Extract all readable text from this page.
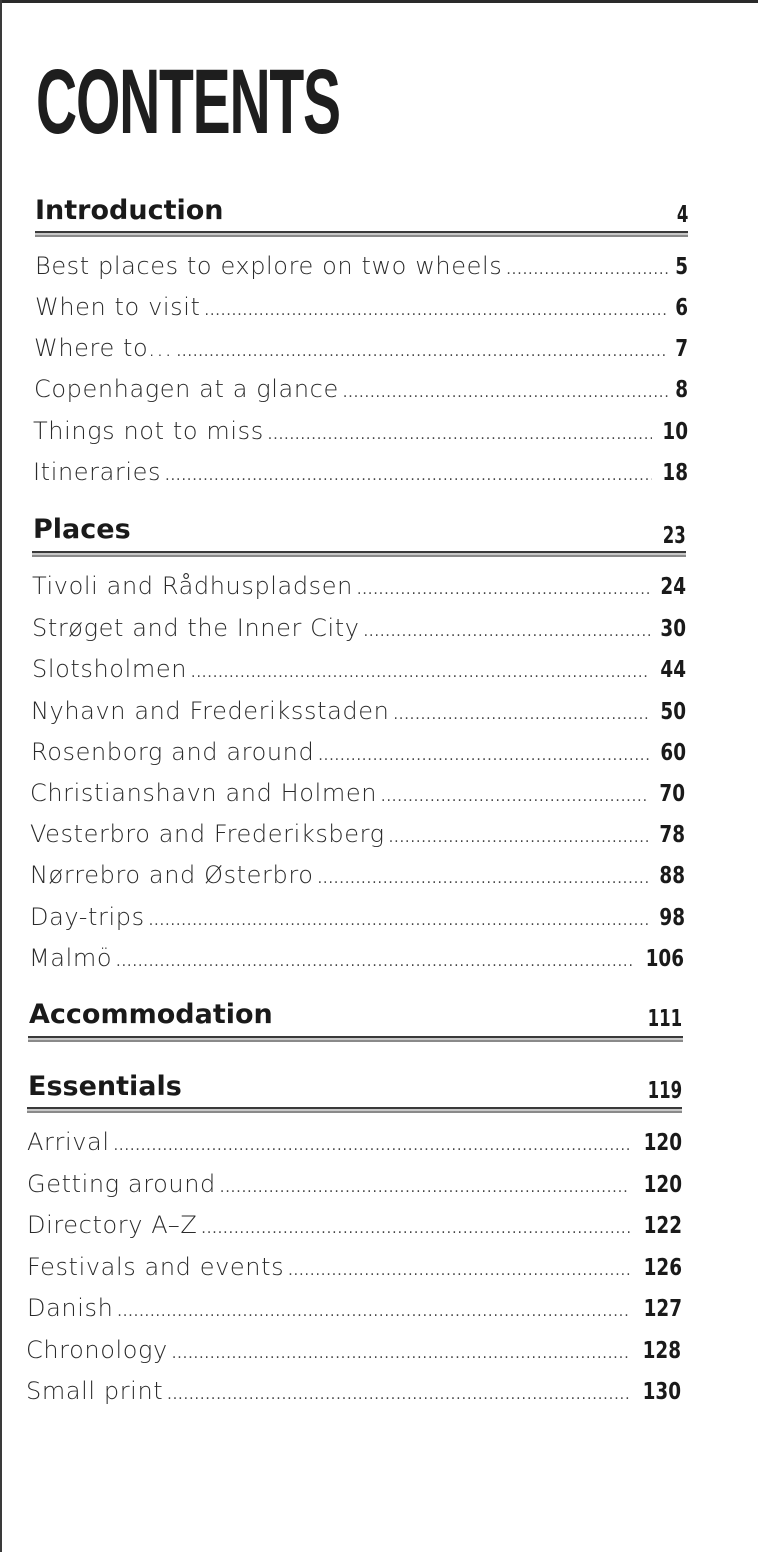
CONTENTS
Introduction	4
Best places to explore on two wheels .....	5
When to visit .....	6
Where to... .....	7
Copenhagen at a glance .....	8
Things not to miss .....	10
Itineraries .....	18
Places	23
Tivoli and Rådhuspladsen .....	24
Strøget and the Inner City .....	30
Slotsholmen .....	44
Nyhavn and Frederiksstaden .....	50
Rosenborg and around .....	60
Christianshavn and Holmen .....	70
Vesterbro and Frederiksberg .....	78
Nørrebro and Østerbro .....	88
Day-trips .....	98
Malmö .....	106
Accommodation	111
Essentials	119
Arrival .....	120
Getting around .....	120
Directory A–Z .....	122
Festivals and events .....	126
Danish .....	127
Chronology .....	128
Small print .....	130
